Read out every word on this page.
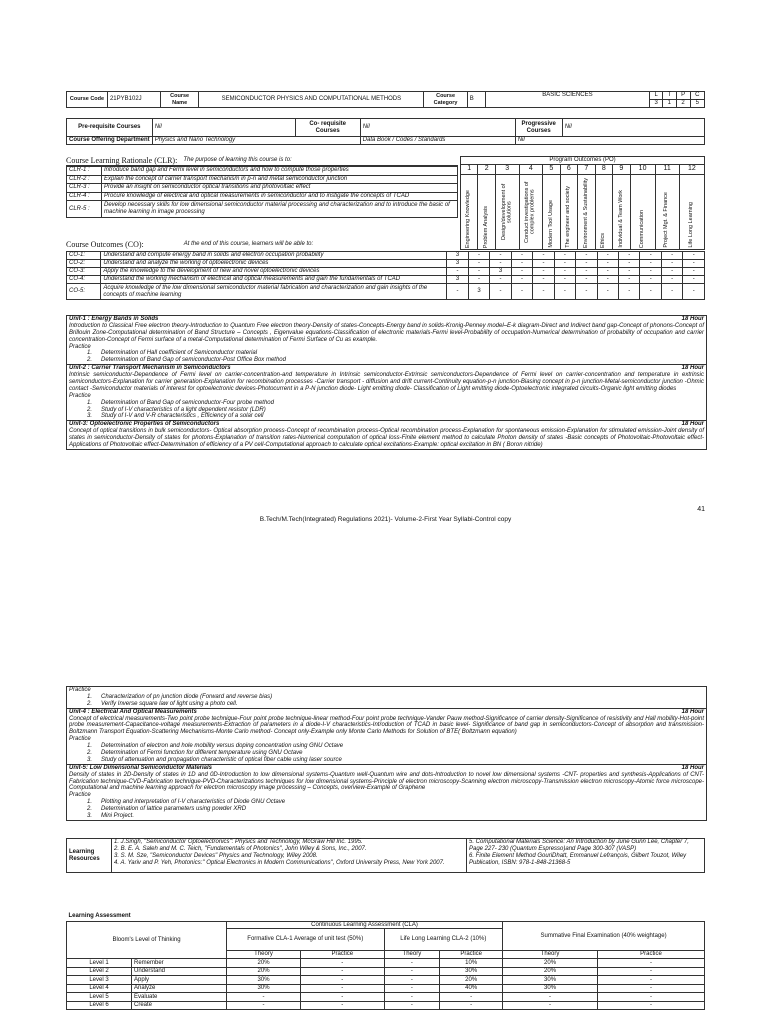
Course Code	21PYB102J	Course Name	SEMICONDUCTOR PHYSICS AND COMPUTATIONAL METHODS	Course Category	B	BASIC SCIENCES		L	T	P	C
3	1	2	5
Pre-requisite Courses	Nil	Co- requisite Courses	Nil	Progressive Courses	Nil
Course Offering Department	Physics and Nano Technology		Data Book / Codes / Standards	Nil	
Course Learning Rationale (CLR): The purpose of learning this course is to:
CLR-1 :	Introduce band gap and Fermi level in semiconductors and how to compute those properties
CLR-2 :	Explain the concept of carrier transport mechanism in p-n and metal semiconductor junction
CLR-3 :	Provide an insight on semiconductor optical transitions and photovoltaic effect
CLR-4 :	Procure knowledge of electrical and optical measurements in semiconductor and to instigate the concepts of TCAD
CLR-5 :	Develop necessary skills for low dimensional semiconductor material processing and characterization and to introduce the basic of machine learning in image processing
Program Outcomes (PO)											
1	2	3	4	5	6	7	8	9	10	11	12

Engineering Knowledge	Problem Analysis	Design/development of solutions	Conduct investigations of complex problems	Modern Tool Usage	The engineer and society	Environment & Sustainability	Ethics	Individual & Team Work	Communication	Project Mgt. & Finance	Life Long Learning
Course Outcomes (CO):	At the end of this course, learners will be able to:
CO-1:	Understand and compute energy band in solids and electron occupation probability	3	-	-	-	-	-	-	-	-	-	-	-
CO-2:	Understand and analyze the working of optoelectronic devices	3	-	-	-	-	-	-	-	-	-	-	-
CO-3:	Apply the knowledge to the development of new and novel optoelectronic devices	-	-	3	-	-	-	-	-	-	-	-	-
CO-4:	Understand the working mechanism of electrical and optical measurements and gain the fundamentals of TCAD	3	-	-	-	-	-	-	-	-	-	-	-
CO-5:	Acquire knowledge of the low dimensional semiconductor material fabrication and characterization and gain insights of the concepts of machine learning	-	3	-	-	-	-	-	-	-	-	-	-
Unit-1 : Energy Bands in Solids	18 Hour
Introduction to Classical Free electron theory-Introduction to Quantum Free electron theory-Density of states-Concepts-Energy band in solids-Kronig-Penney model–E-k diagram-Direct and Indirect band gap-Concept of phonons-Concept of Brillouin Zone-Computational determination of Band Structure – Concepts , Eigenvalue equations-Classification of electronic materials-Fermi level-Probability of occupation-Numerical determination of probability of occupation and carrier concentration-Concept of Fermi surface of a metal-Computational determination of Fermi Surface of Cu as example.
Practice
1. Determination of Hall coefficient of Semiconductor material
2. Determination of Band Gap of semiconductor-Post Office Box method
Unit-2 : Carrier Transport Mechanism in Semiconductors	18 Hour
Intrinsic semiconductor-Dependence of Fermi level on carrier-concentration-and temperature in Intrinsic semiconductor-Extrinsic semiconductors-Dependence of Fermi level on carrier-concentration and temperature in extrinsic semiconductors-Explanation for carrier generation-Explanation for recombination processes -Carrier transport - diffusion and drift current-Continuity equation-p-n junction-Biasing concept in p-n junction-Metal-semiconductor junction -Ohmic contact -Semiconductor materials of interest for optoelectronic devices-Photocurrent in a P-N junction diode- Light emitting diode- Classification of Light emitting diode-Optoelectronic integrated circuits-Organic light emitting diodes
Practice
1. Determination of Band Gap of semiconductor-Four probe method
2. Study of I-V characteristics of a light dependent resistor (LDR)
3. Study of I-V and V-R characteristics , Efficiency of a solar cell
Unit-3: Optoelectronic Properties of Semiconductors	18 Hour
Concept of optical transitions in bulk semiconductors- Optical absorption process-Concept of recombination process-Optical recombination process-Explanation for spontaneous emission-Explanation for stimulated emission-Joint density of states in semiconductor-Density of states for photons-Explanation of transition rates-Numerical computation of optical loss-Finite element method to calculate Photon density of states -Basic concepts of Photovoltaic-Photovoltaic effect-Applications of Photovoltaic effect-Determination of efficiency of a PV cell-Computational approach to calculate optical excitations-Example: optical excitation in BN ( Boron nitride)
41
B.Tech/M.Tech(Integrated) Regulations 2021)- Volume-2-First Year Syllabi-Control copy
Practice
1. Characterization of pn junction diode (Forward and reverse bias)
2. Verify Inverse square law of light using a photo cell.
Unit-4 : Electrical And Optical Measurements	18 Hour
Concept of electrical measurements-Two point probe technique-Four point probe technique-linear method-Four point probe technique-Vander Pauw method-Significance of carrier density-Significance of resistivity and Hall mobility-Hot-point probe measurement-Capacitance-voltage measurements-Extraction of parameters in a diode-I-V characteristics-Introduction of TCAD in basic level- Significance of band gap in semiconductors-Concept of absorption and transmission-Boltzmann Transport Equation-Scattering Mechanisms-Monte Carlo method- Concept only-Example only Monte Carlo Methods for Solution of BTE( Boltzmann equation)
Practice
1. Determination of electron and hole mobility versus doping concentration using GNU Octave
2. Determination of Fermi function for different temperature using GNU Octave
3. Study of attenuation and propagation characteristic of optical fiber cable using laser source
Unit-5: Low Dimensional Semiconductor Materials	18 Hour
Density of states in 2D-Density of states in 1D and 0D-Introduction to low dimensional systems-Quantum well-Quantum wire and dots-Introduction to novel low dimensional systems -CNT- properties and synthesis-Applications of CNT-Fabrication technique-CVD-Fabrication technique-PVD-Characterizations techniques for low dimensional systems-Principle of electron microscopy-Scanning electron microscopy-Transmission electron microscopy-Atomic force microscope-Computational and machine learning approach for electron microscopy image processing – Concepts, overview-Example of Graphene
Practice
1. Plotting and interpretation of I-V characteristics of Diode GNU Octave
2. Determination of lattice parameters using powder XRD
3. Mini Project.
Learning Resources	
1. J.Singh, "Semiconductor Optoelectronics": Physics and Technology, McGraw Hill Inc. 1995.
2. B. E. A. Saleh and M. C. Teich, "Fundamentals of Photonics", John Wiley & Sons, Inc., 2007.
3. S. M. Sze, "Semiconductor Devices" Physics and Technology, Wiley 2008.
4. A. Yariv and P. Yeh, Photonics:" Optical Electronics in Modern Communications", Oxford University Press, New York 2007.

5. Computational Materials Science: An Introduction by June Gunn Lee, Chapter 7, Page 227- 230 (Quantum Espresso)and Page 300-307 (VASP)
6. Finite Element Method GouriDhatt, Emmanuel Lefrançois, Gilbert Touzot, Wiley Publication, ISBN: 978-1-848-21368-5
Learning Assessment							
Bloom's Level of Thinking		Continuous Learning Assessment (CLA)				Summative Final Examination (40% weightage)	
		Formative CLA-1 Average of unit test (50%)		Life Long Learning CLA-2 (10%)			
		Theory	Practice	Theory	Practice	Theory	Practice
Level 1	Remember	20%	-	-	10%	20%	-
Level 2	Understand	20%	-	-	30%	20%	-
Level 3	Apply	30%	-	-	20%	30%	-
Level 4	Analyze	30%	-	-	40%	30%	-
Level 5	Evaluate	-	-	-	-	-	-
Level 6	Create	-	-	-	-	-	-
